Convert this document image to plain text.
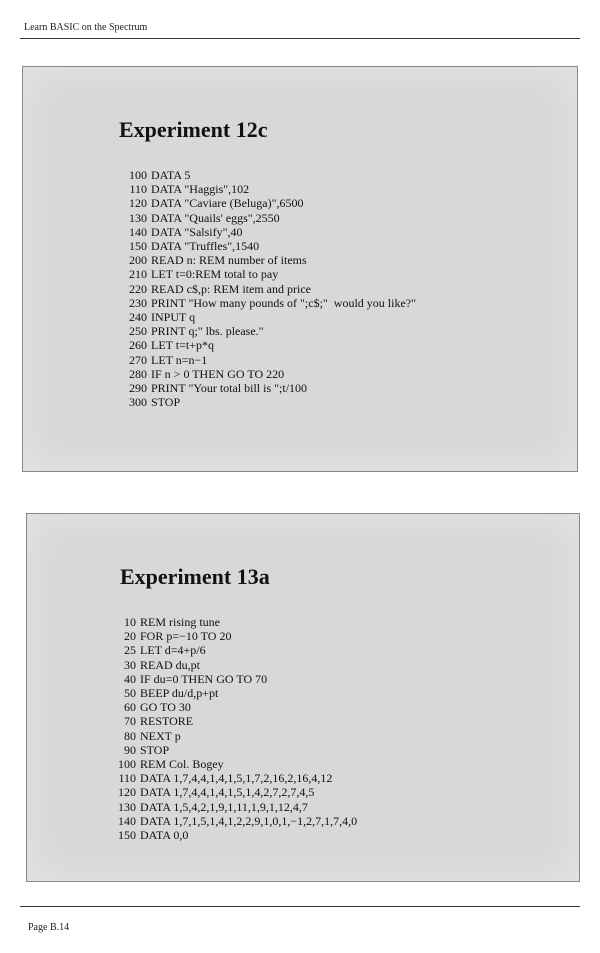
Learn BASIC on the Spectrum
Experiment 12c
100 DATA 5
110 DATA "Haggis",102
120 DATA "Caviare (Beluga)",6500
130 DATA "Quails' eggs",2550
140 DATA "Salsify",40
150 DATA "Truffles",1540
200 READ n: REM number of items
210 LET t=0:REM total to pay
220 READ c$,p: REM item and price
230 PRINT "How many pounds of ";c$;"  would you like?"
240 INPUT q
250 PRINT q;" lbs. please."
260 LET t=t+p*q
270 LET n=n−1
280 IF n > 0 THEN GO TO 220
290 PRINT "Your total bill is ";t/100
300 STOP
Experiment 13a
10 REM rising tune
20 FOR p=−10 TO 20
25 LET d=4+p/6
30 READ du,pt
40 IF du=0 THEN GO TO 70
50 BEEP du/d,p+pt
60 GO TO 30
70 RESTORE
80 NEXT p
90 STOP
100 REM Col. Bogey
110 DATA 1,7,4,4,1,4,1,5,1,7,2,16,2,16,4,12
120 DATA 1,7,4,4,1,4,1,5,1,4,2,7,2,7,4,5
130 DATA 1,5,4,2,1,9,1,11,1,9,1,12,4,7
140 DATA 1,7,1,5,1,4,1,2,2,9,1,0,1,−1,2,7,1,7,4,0
150 DATA 0,0
Page B.14
